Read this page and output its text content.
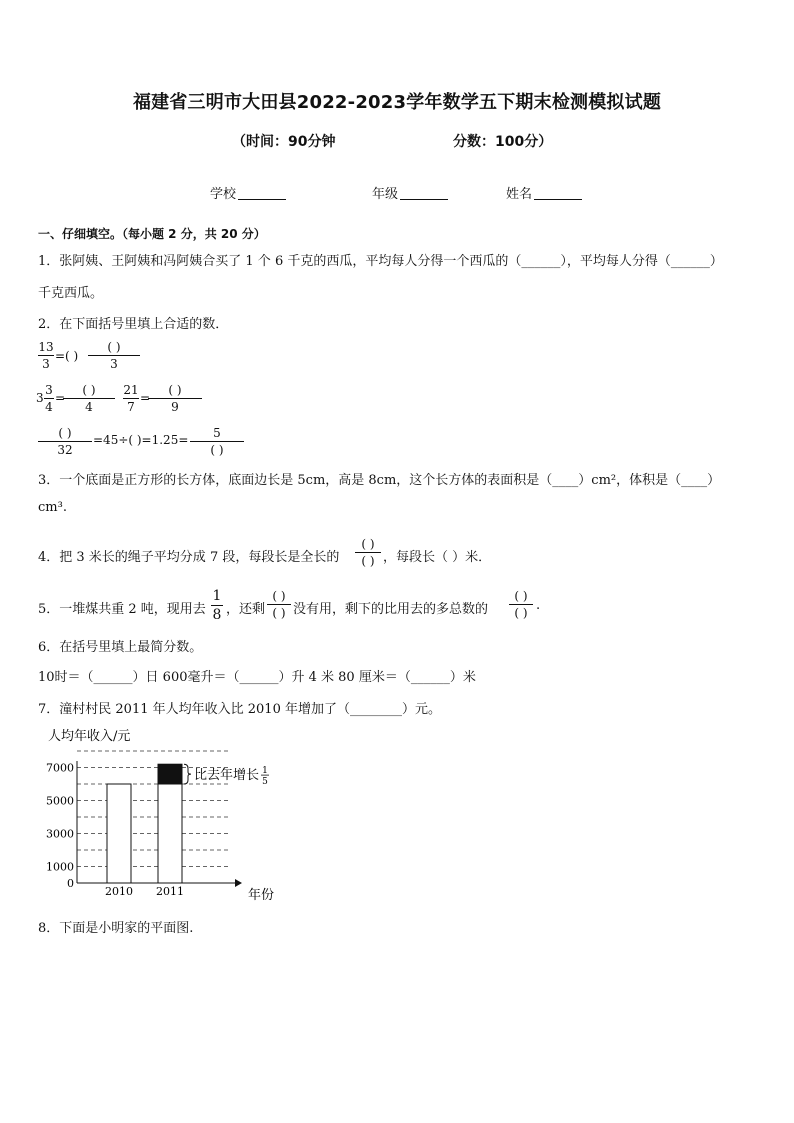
福建省三明市大田县2022-2023学年数学五下期末检测模拟试题
（时间：90分钟	分数：100分）
学校	年级	姓名
一、仔细填空。（每小题 2 分，共 20 分）
1．张阿姨、王阿姨和冯阿姨合买了 1 个 6 千克的西瓜，平均每人分得一个西瓜的（______），平均每人分得（______）
千克西瓜。
2．在下面括号里填上合适的数．
13
3
=( )
( )
3
3
3
4
=
( )
4
21
7
=
( )
9
( )
32
=45÷( )=1.25=	5
( )
3．一个底面是正方形的长方体，底面边长是 5cm，高是 8cm，这个长方体的表面积是（____）cm²，体积是（____）
cm³.
4．把 3 米长的绳子平均分成 7 段，每段长是全长的
( )
( ) ，每段长（ ）米．
5．一堆煤共重 2 吨，现用去
1
8 ，还剩
( )
( ) 没有用，剩下的比用去的多总数的
( )
( ) .
6．在括号里填上最简分数。
10时＝（______）日 600毫升＝（______）升 4 米 80 厘米＝（______）米
7．潼村村民 2011 年人均年收入比 2010 年增加了（________）元。
人均年收入/元
年份
0
1000
3000
5000
7000
2010 2011
比去年增长 1
5
8．下面是小明家的平面图.
